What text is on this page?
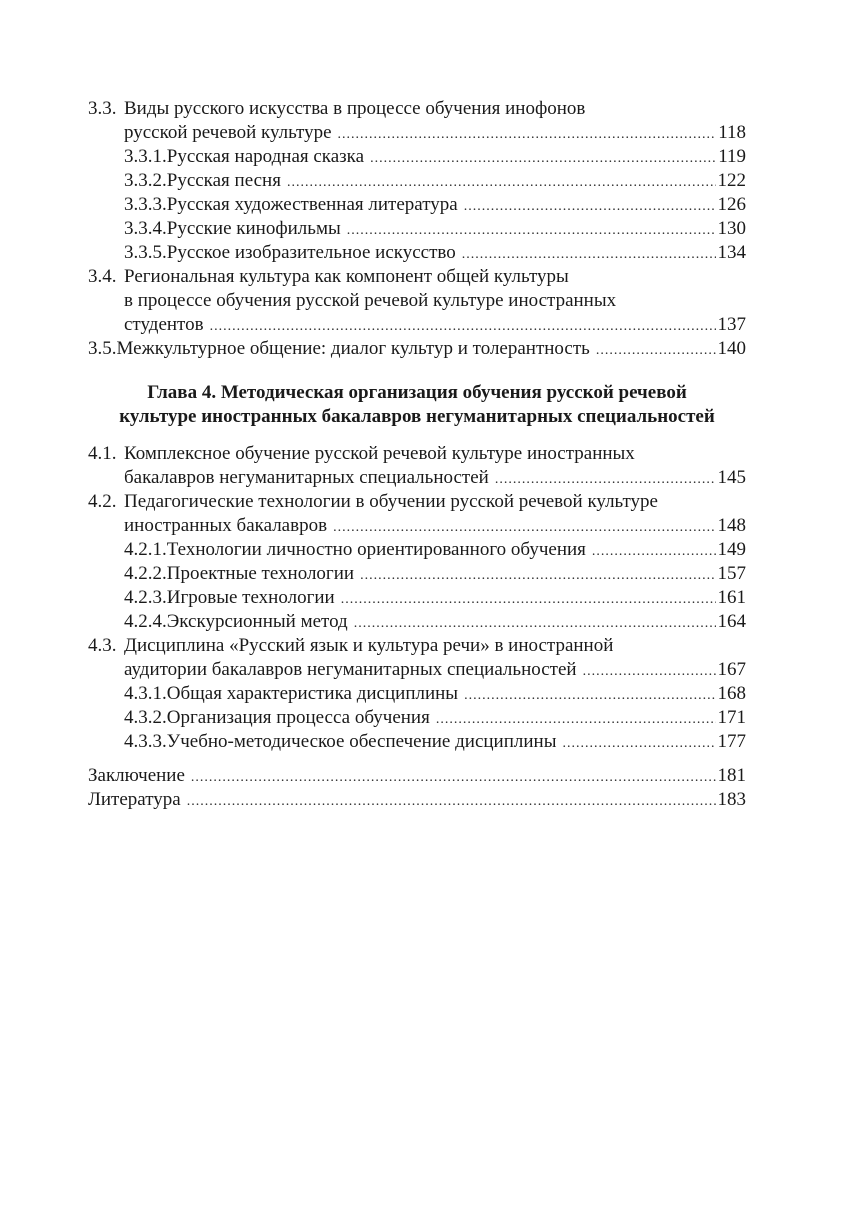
3.3. Виды русского искусства в процессе обучения инофонов
русской речевой культуре .....	118
3.3.1. Русская народная сказка .....	119
3.3.2. Русская песня .....	122
3.3.3. Русская художественная литература .....	126
3.3.4. Русские кинофильмы .....	130
3.3.5. Русское изобразительное искусство .....	134
3.4. Региональная культура как компонент общей культуры
в процессе обучения русской речевой культуре иностранных
студентов .....	137
3.5. Межкультурное общение: диалог культур и толерантность .....	140
Глава 4. Методическая организация обучения русской речевой
культуре иностранных бакалавров негуманитарных специальностей
4.1. Комплексное обучение русской речевой культуре иностранных
бакалавров негуманитарных специальностей .....	145
4.2. Педагогические технологии в обучении русской речевой культуре
иностранных бакалавров .....	148
4.2.1. Технологии личностно ориентированного обучения .....	149
4.2.2. Проектные технологии .....	157
4.2.3. Игровые технологии .....	161
4.2.4. Экскурсионный метод .....	164
4.3. Дисциплина «Русский язык и культура речи» в иностранной
аудитории бакалавров негуманитарных специальностей .....	167
4.3.1. Общая характеристика дисциплины .....	168
4.3.2. Организация процесса обучения .....	171
4.3.3. Учебно-методическое обеспечение дисциплины .....	177
Заключение .....	181
Литература .....	183
